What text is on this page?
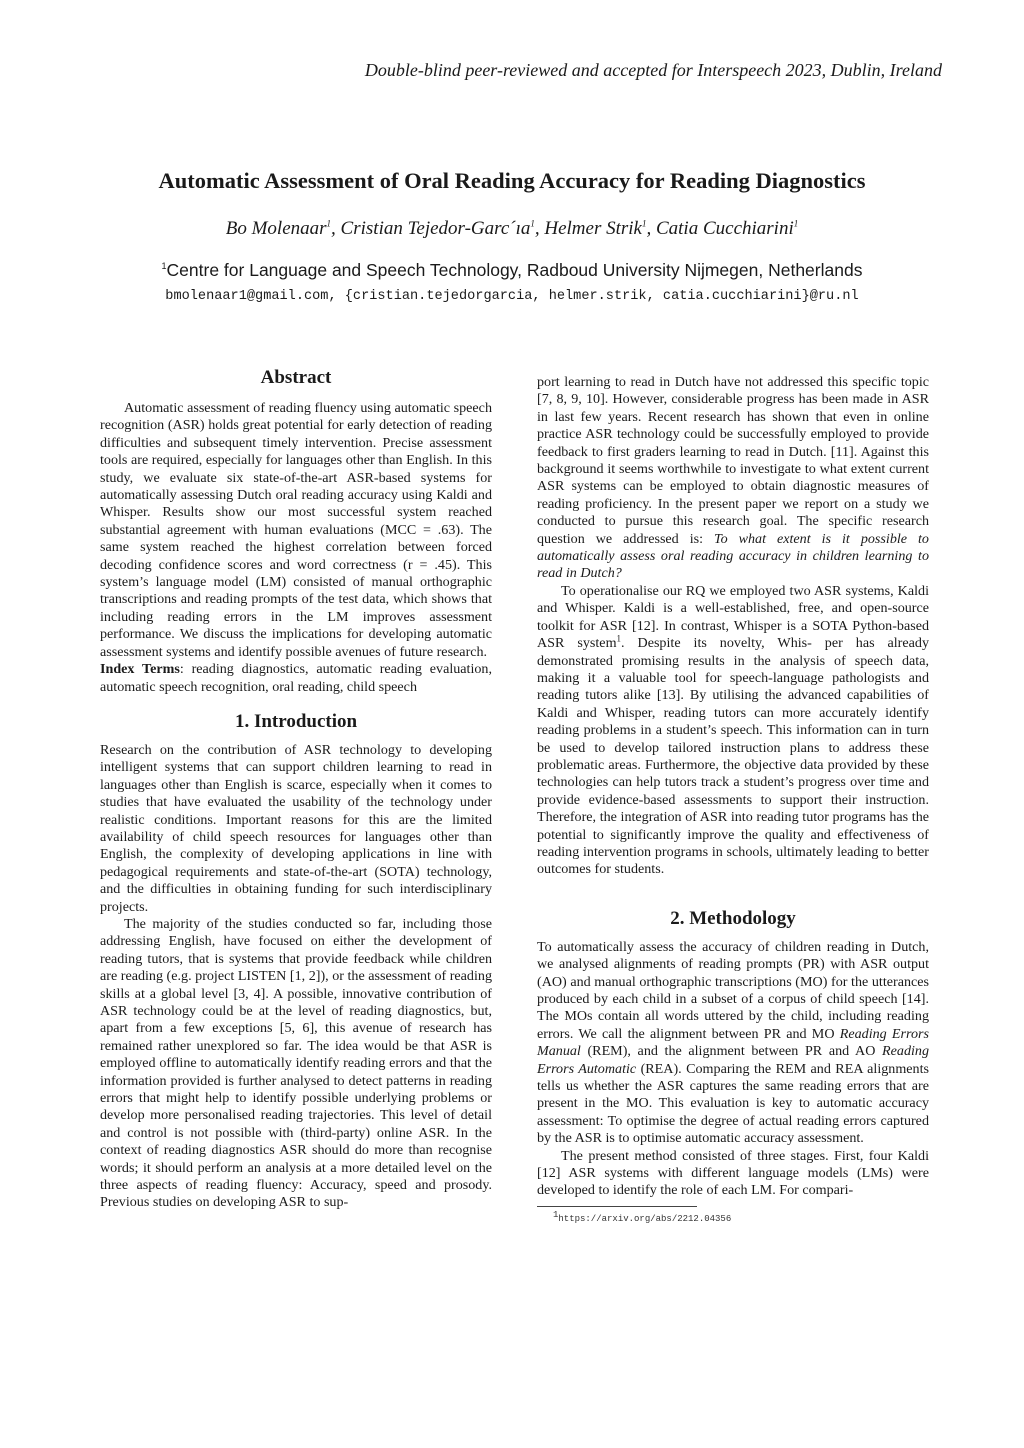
Double-blind peer-reviewed and accepted for Interspeech 2023, Dublin, Ireland
Automatic Assessment of Oral Reading Accuracy for Reading Diagnostics
Bo Molenaar$^1$, Cristian Tejedor-$Garc´ıa^1$, Helmer Strik$^1$, Catia Cucchiarini$^1$
$^1$Centre for Language and Speech Technology, Radboud University Nijmegen, Netherlands
bmolenaar1@gmail.com, {cristian.tejedorgarcia, helmer.strik, catia.cucchiarini}@ru.nl
Abstract

Automatic assessment of reading fluency using automatic speech recognition (ASR) holds great potential for early detection of reading difficulties and subsequent timely intervention. Precise assessment tools are required, especially for languages other than English. In this study, we evaluate six state-of-the-art ASR-based systems for automatically assessing Dutch oral reading accuracy using Kaldi and Whisper. Results show our most successful system reached substantial agreement with human evaluations (MCC = .63). The same system reached the highest correlation between forced decoding confidence scores and word correctness (r = .45). This system’s language model (LM) consisted of manual orthographic transcriptions and reading prompts of the test data, which shows that including reading errors in the LM improves assessment performance. We discuss the implications for developing automatic assessment systems and identify possible avenues of future research.

Index Terms: reading diagnostics, automatic reading evaluation, automatic speech recognition, oral reading, child speech

1. Introduction

Research on the contribution of ASR technology to developing intelligent systems that can support children learning to read in languages other than English is scarce, especially when it comes to studies that have evaluated the usability of the technology under realistic conditions. Important reasons for this are the limited availability of child speech resources for languages other than English, the complexity of developing applications in line with pedagogical requirements and state-of-the-art (SOTA) technology, and the difficulties in obtaining funding for such interdisciplinary projects.

The majority of the studies conducted so far, including those addressing English, have focused on either the development of reading tutors, that is systems that provide feedback while children are reading (e.g. project LISTEN [1, 2]), or the assessment of reading skills at a global level [3, 4]. A possible, innovative contribution of ASR technology could be at the level of reading diagnostics, but, apart from a few exceptions [5, 6], this avenue of research has remained rather unexplored so far. The idea would be that ASR is employed offline to automatically identify reading errors and that the information provided is further analysed to detect patterns in reading errors that might help to identify possible underlying problems or develop more personalised reading trajectories. This level of detail and control is not possible with (third-party) online ASR. In the context of reading diagnostics ASR should do more than recognise words; it should perform an analysis at a more detailed level on the three aspects of reading fluency: Accuracy, speed and prosody. Previous studies on developing ASR to sup-

port learning to read in Dutch have not addressed this specific topic [7, 8, 9, 10]. However, considerable progress has been made in ASR in last few years. Recent research has shown that even in online practice ASR technology could be successfully employed to provide feedback to first graders learning to read in Dutch. [11]. Against this background it seems worthwhile to investigate to what extent current ASR systems can be employed to obtain diagnostic measures of reading proficiency. In the present paper we report on a study we conducted to pursue this research goal. The specific research question we addressed is: To what extent is it possible to automatically assess oral reading accuracy in children learning to read in Dutch?

To operationalise our RQ we employed two ASR systems, Kaldi and Whisper. Kaldi is a well-established, free, and open-source toolkit for ASR [12]. In contrast, Whisper is a SOTA Python-based ASR system$^1$. Despite its novelty, Whis- per has already demonstrated promising results in the analysis of speech data, making it a valuable tool for speech-language pathologists and reading tutors alike [13]. By utilising the advanced capabilities of Kaldi and Whisper, reading tutors can more accurately identify reading problems in a student’s speech. This information can in turn be used to develop tailored instruction plans to address these problematic areas. Furthermore, the objective data provided by these technologies can help tutors track a student’s progress over time and provide evidence-based assessments to support their instruction. Therefore, the integration of ASR into reading tutor programs has the potential to significantly improve the quality and effectiveness of reading intervention programs in schools, ultimately leading to better outcomes for students.

2. Methodology

To automatically assess the accuracy of children reading in Dutch, we analysed alignments of reading prompts (PR) with ASR output (AO) and manual orthographic transcriptions (MO) for the utterances produced by each child in a subset of a corpus of child speech [14]. The MOs contain all words uttered by the child, including reading errors. We call the alignment between PR and MO Reading Errors Manual (REM), and the alignment between PR and AO Reading Errors Automatic (REA). Comparing the REM and REA alignments tells us whether the ASR captures the same reading errors that are present in the MO. This evaluation is key to automatic accuracy assessment: To optimise the degree of actual reading errors captured by the ASR is to optimise automatic accuracy assessment.

The present method consisted of three stages. First, four Kaldi [12] ASR systems with different language models (LMs) were developed to identify the role of each LM. For compari-

$^1$https://arxiv.org/abs/2212.04356
